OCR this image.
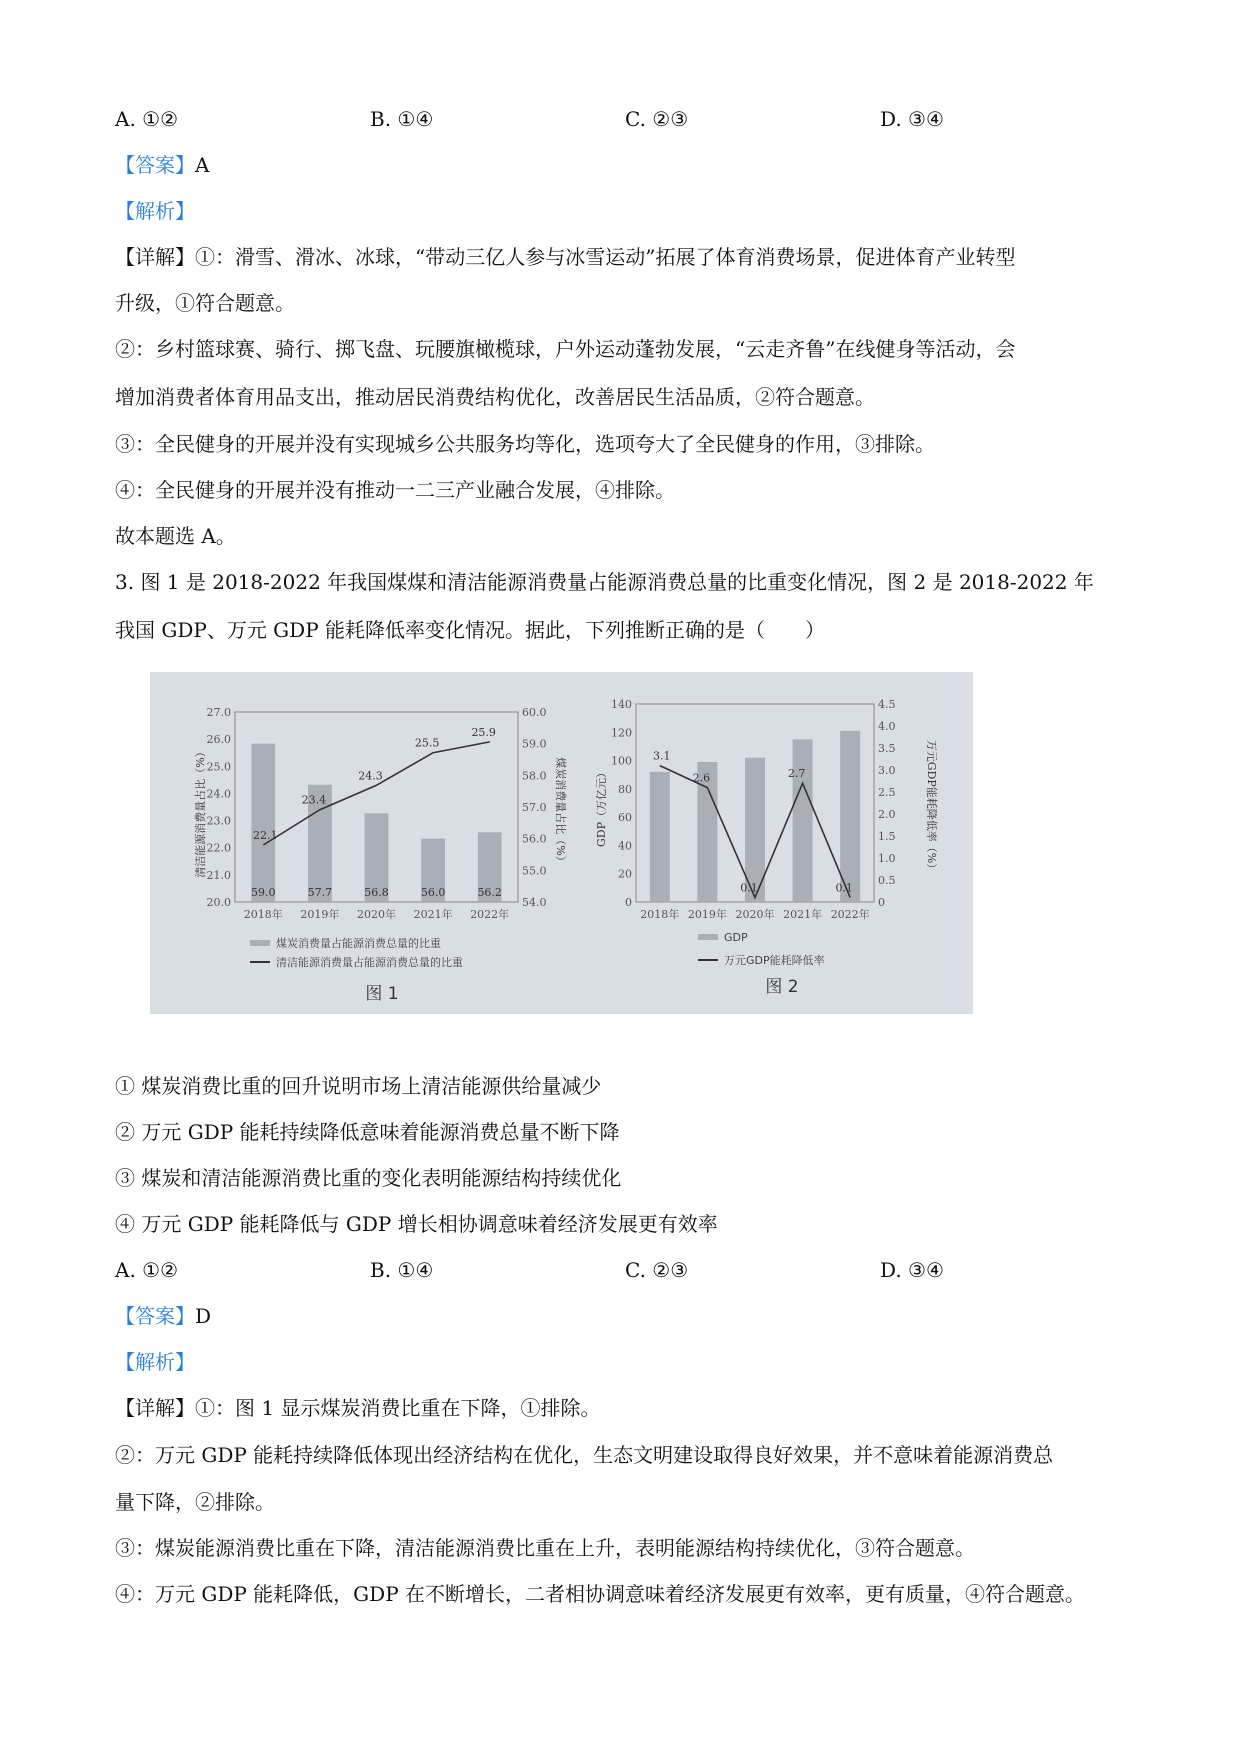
A. ①②	B. ①④	C. ②③	D. ③④
【答案】A
【解析】
【详解】①：滑雪、滑冰、冰球，“带动三亿人参与冰雪运动”拓展了体育消费场景，促进体育产业转型
升级，①符合题意。
②：乡村篮球赛、骑行、掷飞盘、玩腰旗橄榄球，户外运动蓬勃发展，“云走齐鲁”在线健身等活动，会
增加消费者体育用品支出，推动居民消费结构优化，改善居民生活品质，②符合题意。
③：全民健身的开展并没有实现城乡公共服务均等化，选项夸大了全民健身的作用，③排除。
④：全民健身的开展并没有推动一二三产业融合发展，④排除。
故本题选 A。
3. 图 1 是 2018-2022 年我国煤煤和清洁能源消费量占能源消费总量的比重变化情况，图 2 是 2018-2022 年
我国 GDP、万元 GDP 能耗降低率变化情况。据此，下列推断正确的是（　　）
59.0	57.7	56.8	56.0	56.2
22.1
23.4
24.3
25.5
25.9
20.0
21.0
22.0
23.0
24.0
25.0
26.0
27.0
54.0
55.0
56.0
57.0
58.0
59.0
60.0
2018年 2019年 2020年 2021年 2022年
3.1
2.6
0.1
2.7
0.1
0
20
40
60
80
100
120
140
0
0.5
1.0
1.5
2.0
2.5
3.0
3.5
4.0
4.5
2018年 2019年 2020年 2021年 2022年
清洁能源消费量占比（%）	煤炭消费量占比（%）	GDP（万亿元）	万元GDP能耗降低率（%）
煤炭消费量占能源消费总量的比重
清洁能源消费量占能源消费总量的比重
GDP
万元GDP能耗降低率
图 1	图 2
① 煤炭消费比重的回升说明市场上清洁能源供给量减少
② 万元 GDP 能耗持续降低意味着能源消费总量不断下降
③ 煤炭和清洁能源消费比重的变化表明能源结构持续优化
④ 万元 GDP 能耗降低与 GDP 增长相协调意味着经济发展更有效率
A. ①②	B. ①④	C. ②③	D. ③④
【答案】D
【解析】
【详解】①：图 1 显示煤炭消费比重在下降，①排除。
②：万元 GDP 能耗持续降低体现出经济结构在优化，生态文明建设取得良好效果，并不意味着能源消费总
量下降，②排除。
③：煤炭能源消费比重在下降，清洁能源消费比重在上升，表明能源结构持续优化，③符合题意。
④：万元 GDP 能耗降低，GDP 在不断增长，二者相协调意味着经济发展更有效率，更有质量，④符合题意。
